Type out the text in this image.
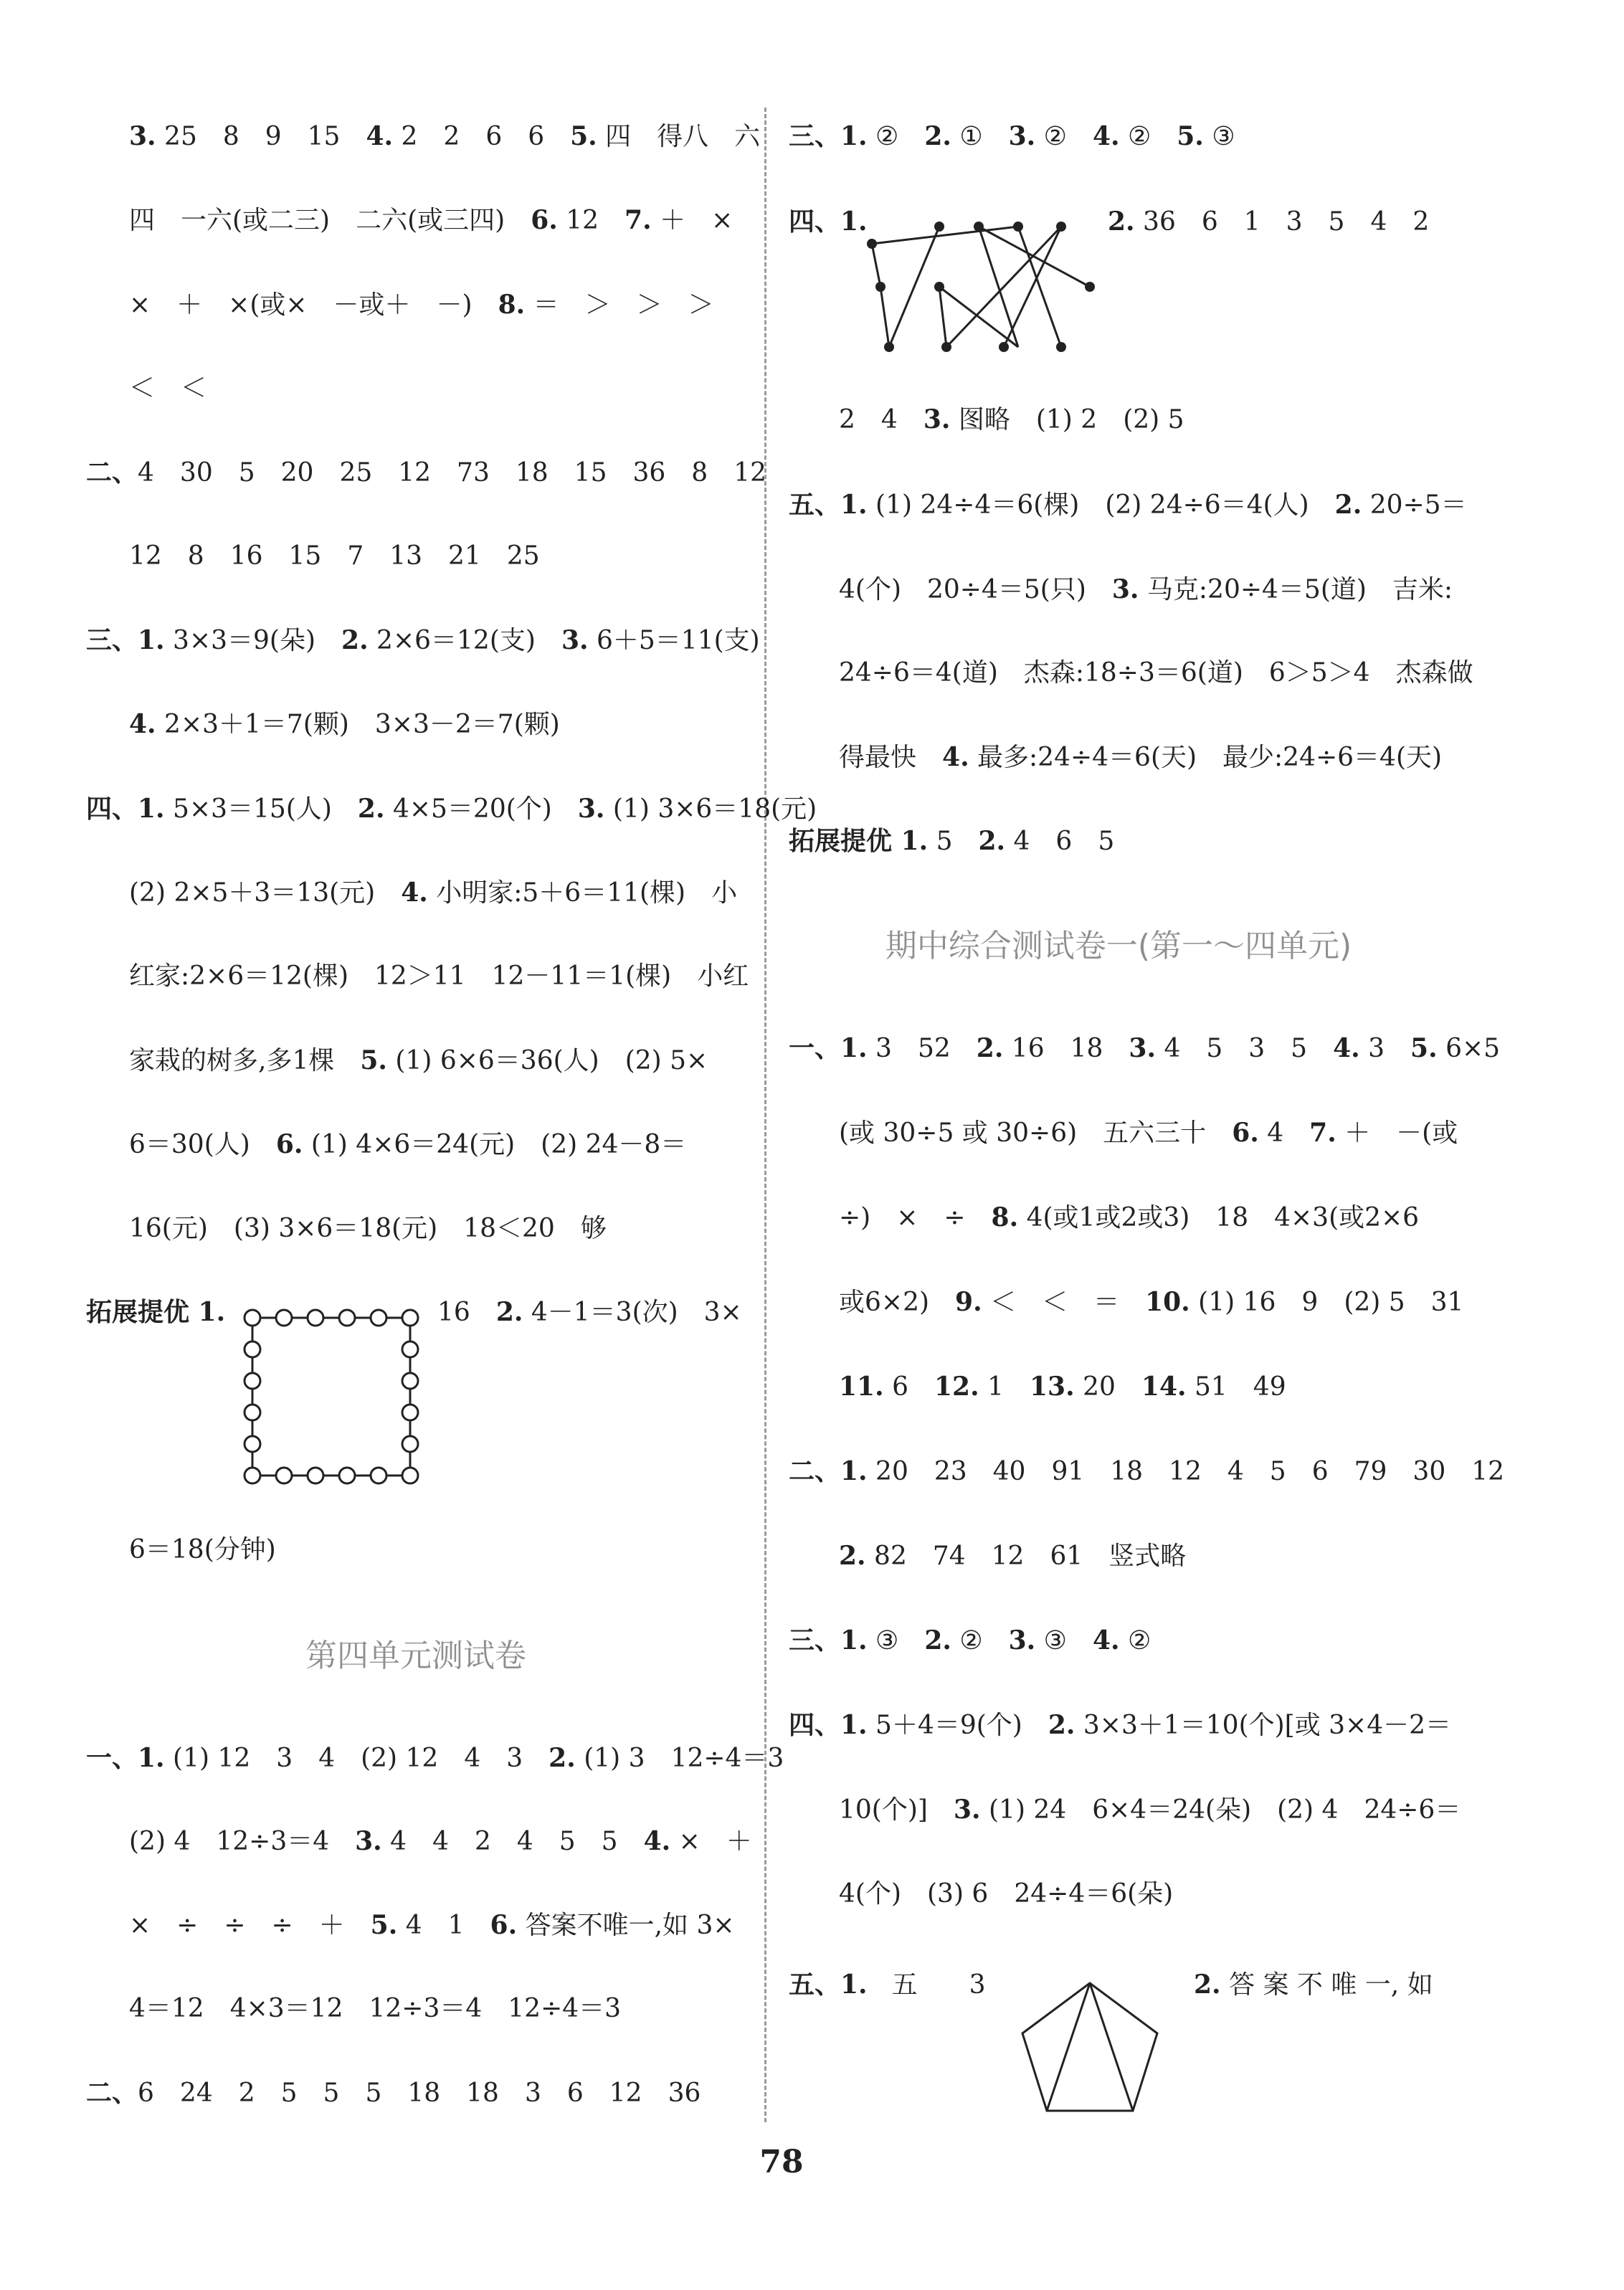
3. 25　8　9　15　4. 2　2　6　6　5. 四　得八　六
四　一六(或二三)　二六(或三四)　6. 12　7. ＋　×
×　＋　×(或×　－或＋　－)　8. ＝　＞　＞　＞
＜　＜
二、4　30　5　20　25　12　73　18　15　36　8　12
12　8　16　15　7　13　21　25
三、1. 3×3＝9(朵)　2. 2×6＝12(支)　3. 6＋5＝11(支)
4. 2×3＋1＝7(颗)　3×3－2＝7(颗)
四、1. 5×3＝15(人)　2. 4×5＝20(个)　3. (1) 3×6＝18(元)
(2) 2×5＋3＝13(元)　4. 小明家:5＋6＝11(棵)　小
红家:2×6＝12(棵)　12＞11　12－11＝1(棵)　小红
家栽的树多,多1棵　5. (1) 6×6＝36(人)　(2) 5×
6＝30(人)　6. (1) 4×6＝24(元)　(2) 24－8＝
16(元)　(3) 3×6＝18(元)　18＜20　够
拓展提优 1.	16　2. 4－1＝3(次)　3×
6＝18(分钟)
第四单元测试卷
一、1. (1) 12　3　4　(2) 12　4　3　2. (1) 3　12÷4＝3
(2) 4　12÷3＝4　3. 4　4　2　4　5　5　4. ×　＋
×　÷　÷　÷　＋　5. 4　1　6. 答案不唯一,如 3×
4＝12　4×3＝12　12÷3＝4　12÷4＝3
二、6　24　2　5　5　5　18　18　3　6　12　36
三、1. ②　2. ①　3. ②　4. ②　5. ③
四、1.	2. 36　6　1　3　5　4　2
2　4　3. 图略　(1) 2　(2) 5
五、1. (1) 24÷4＝6(棵)　(2) 24÷6＝4(人)　2. 20÷5＝
4(个)　20÷4＝5(只)　3. 马克:20÷4＝5(道)　吉米:
24÷6＝4(道)　杰森:18÷3＝6(道)　6＞5＞4　杰森做
得最快　4. 最多:24÷4＝6(天)　最少:24÷6＝4(天)
拓展提优 1. 5　2. 4　6　5
期中综合测试卷一(第一～四单元)
一、1. 3　52　2. 16　18　3. 4　5　3　5　4. 3　5. 6×5
(或 30÷5 或 30÷6)　五六三十　6. 4　7. ＋　－(或
÷)　×　÷　8. 4(或1或2或3)　18　4×3(或2×6
或6×2)　9. ＜　＜　＝　10. (1) 16　9　(2) 5　31
11. 6　12. 1　13. 20　14. 51　49
二、1. 20　23　40　91　18　12　4　5　6　79　30　12
2. 82　74　12　61　竖式略
三、1. ③　2. ②　3. ③　4. ②
四、1. 5＋4＝9(个)　2. 3×3＋1＝10(个)[或 3×4－2＝
10(个)]　3. (1) 24　6×4＝24(朵)　(2) 4　24÷6＝
4(个)　(3) 6　24÷4＝6(朵)
五、1. 五　　3	2. 答 案 不 唯 一, 如
78
